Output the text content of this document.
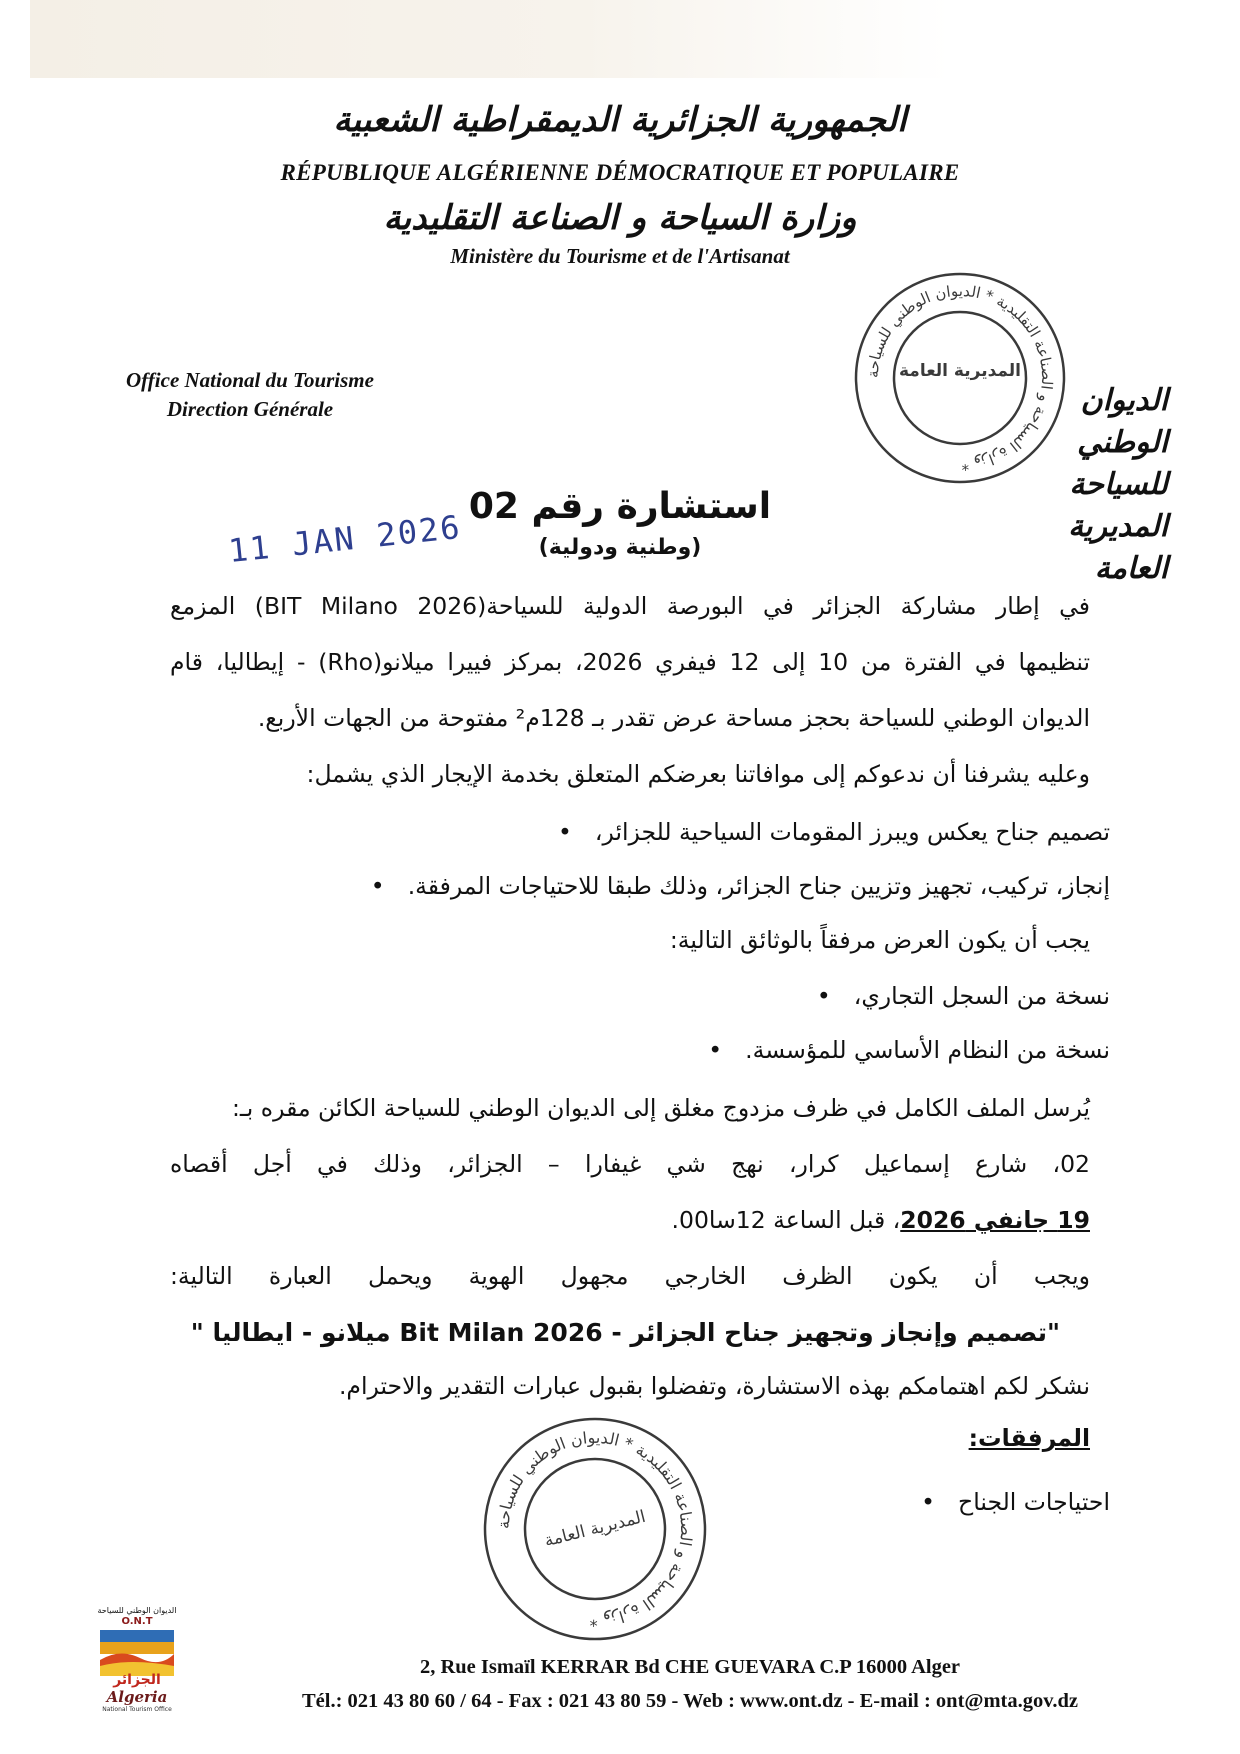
الجمهورية الجزائرية الديمقراطية الشعبية
RÉPUBLIQUE ALGÉRIENNE DÉMOCRATIQUE ET POPULAIRE
وزارة السياحة و الصناعة التقليدية
Ministère du Tourisme et de l'Artisanat
Office National du Tourisme
Direction Générale
وزارة السياحة و الصناعة التقليدية * الديوان الوطني للسياحة *
المديرية العامة
الديوان الوطني للسياحة
المديرية العامة
11 JAN 2026
استشارة رقم 02
(وطنية ودولية)
في إطار مشاركة الجزائر في البورصة الدولية للسياحة(BIT Milano 2026) المزمع
تنظيمها في الفترة من 10 إلى 12 فيفري 2026، بمركز فييرا ميلانو(Rho) - إيطاليا، قام
الديوان الوطني للسياحة بحجز مساحة عرض تقدر بـ 128م² مفتوحة من الجهات الأربع.
وعليه يشرفنا أن ندعوكم إلى موافاتنا بعرضكم المتعلق بخدمة الإيجار الذي يشمل:
تصميم جناح يعكس ويبرز المقومات السياحية للجزائر، •
إنجاز، تركيب، تجهيز وتزيين جناح الجزائر، وذلك طبقا للاحتياجات المرفقة. •
يجب أن يكون العرض مرفقاً بالوثائق التالية:
نسخة من السجل التجاري، •
نسخة من النظام الأساسي للمؤسسة. •
يُرسل الملف الكامل في ظرف مزدوج مغلق إلى الديوان الوطني للسياحة الكائن مقره بـ:
02، شارع إسماعيل كرار، نهج شي غيفارا – الجزائر، وذلك في أجل أقصاه
19 جانفي 2026، قبل الساعة 12سا00.
ويجب أن يكون الظرف الخارجي مجهول الهوية ويحمل العبارة التالية:
"تصميم وإنجاز وتجهيز جناح الجزائر - Bit Milan 2026 ميلانو - ايطاليا "
نشكر لكم اهتمامكم بهذه الاستشارة، وتفضلوا بقبول عبارات التقدير والاحترام.
المرفقات:
احتياجات الجناح •
وزارة السياحة و الصناعة التقليدية * الديوان الوطني للسياحة *
المديرية العامة
الديوان الوطني للسياحة
O.N.T
الجزائر
Algeria
National Tourism Office
2, Rue Ismaïl KERRAR Bd CHE GUEVARA C.P 16000 Alger
Tél.: 021 43 80 60 / 64 - Fax : 021 43 80 59 - Web : www.ont.dz - E-mail : ont@mta.gov.dz
